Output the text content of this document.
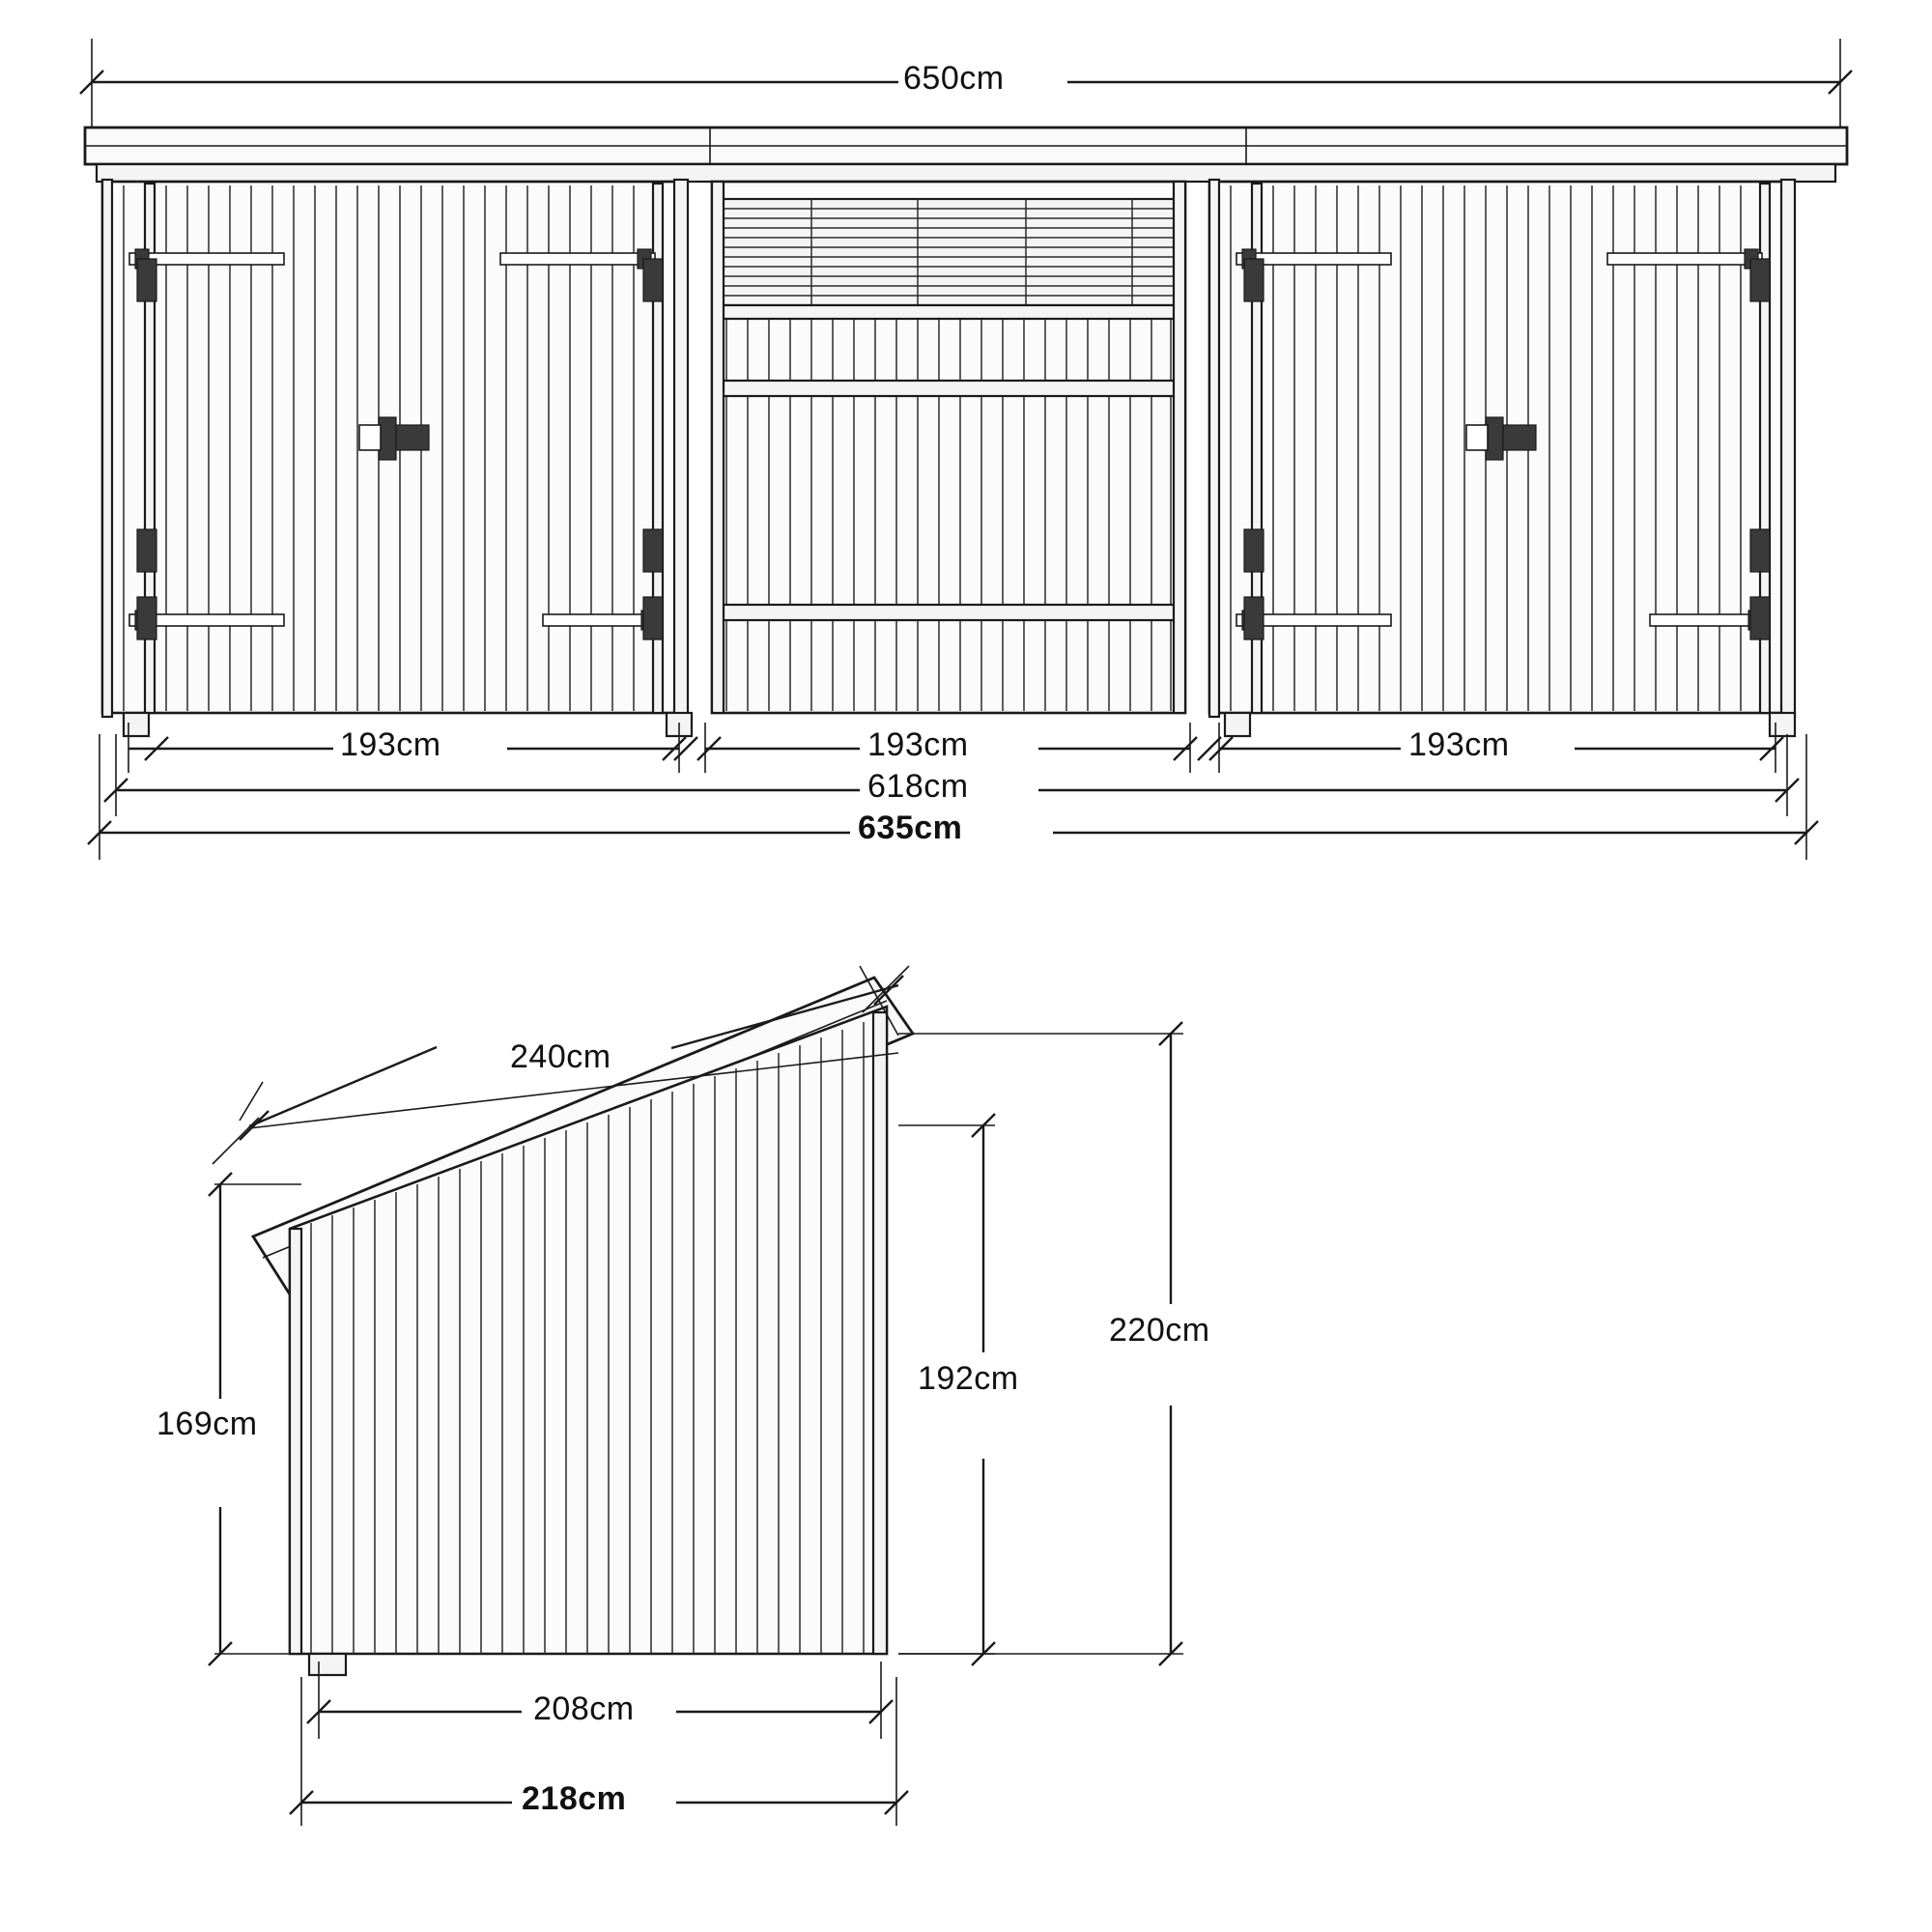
650cm
193cm	193cm	193cm
618cm
635cm
240cm
169cm
192cm
220cm
208cm
218cm
